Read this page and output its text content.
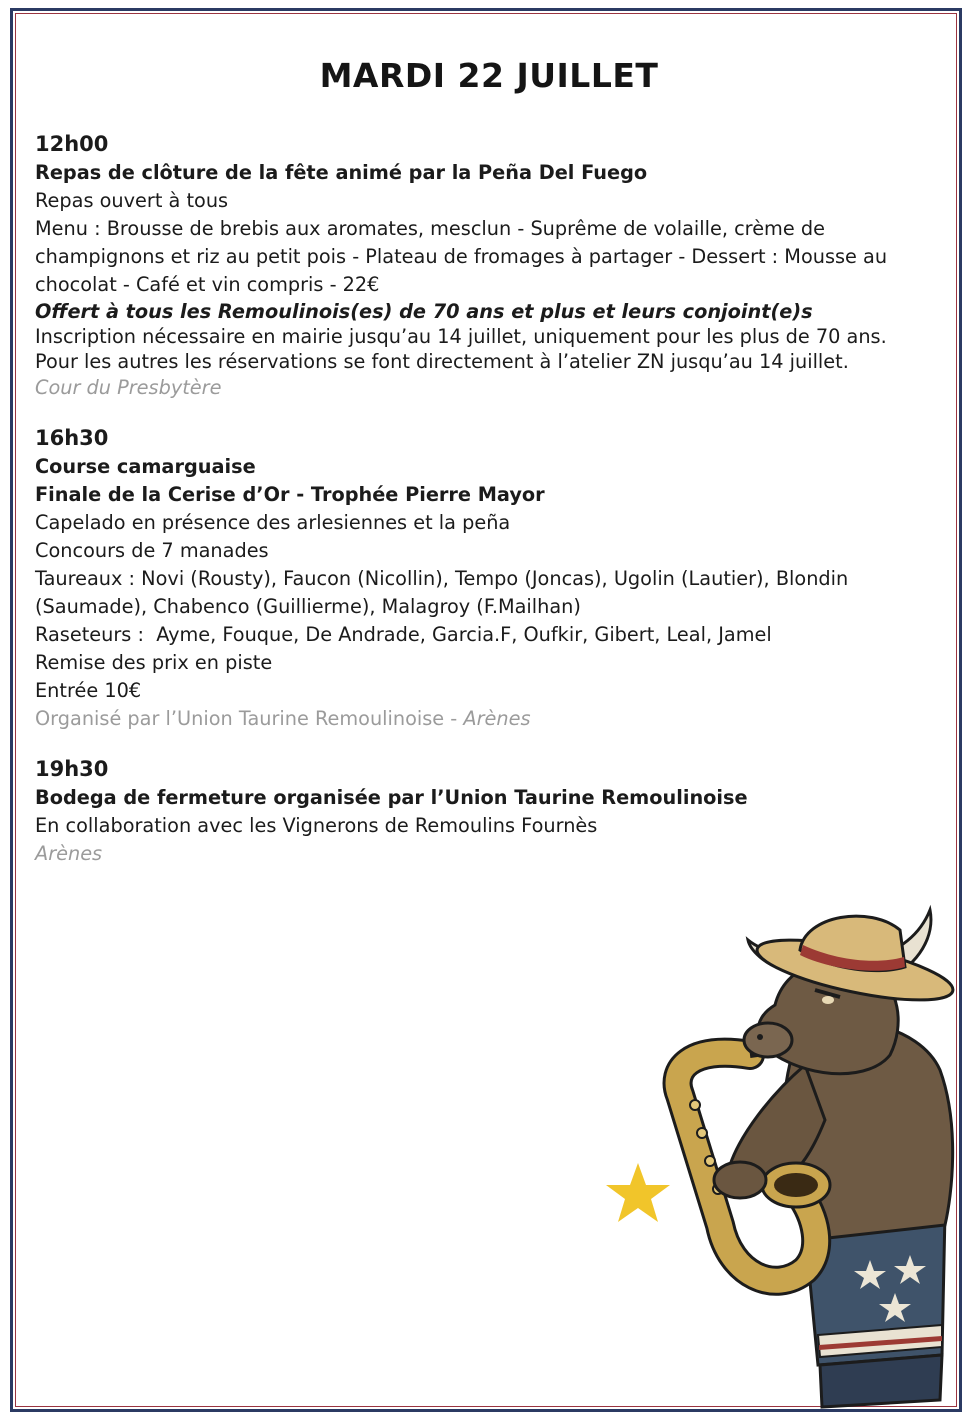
MARDI 22 JUILLET
12h00
Repas de clôture de la fête animé par la Peña Del Fuego
Repas ouvert à tous
Menu : Brousse de brebis aux aromates, mesclun - Suprême de volaille, crème de champignons et riz au petit pois - Plateau de fromages à partager - Dessert : Mousse au chocolat - Café et vin compris - 22€
Offert à tous les Remoulinois(es) de 70 ans et plus et leurs conjoint(e)s
Inscription nécessaire en mairie jusqu’au 14 juillet, uniquement pour les plus de 70 ans.
Pour les autres les réservations se font directement à l’atelier ZN jusqu’au 14 juillet.
Cour du Presbytère
16h30
Course camarguaise
Finale de la Cerise d’Or - Trophée Pierre Mayor
Capelado en présence des arlesiennes et la peña
Concours de 7 manades
Taureaux : Novi (Rousty), Faucon (Nicollin), Tempo (Joncas), Ugolin (Lautier), Blondin (Saumade), Chabenco (Guillierme), Malagroy (F.Mailhan)
Raseteurs :  Ayme, Fouque, De Andrade, Garcia.F, Oufkir, Gibert, Leal, Jamel
Remise des prix en piste
Entrée 10€
Organisé par l’Union Taurine Remoulinoise - Arènes
19h30
Bodega de fermeture organisée par l’Union Taurine Remoulinoise
En collaboration avec les Vignerons de Remoulins Fournès
Arènes
